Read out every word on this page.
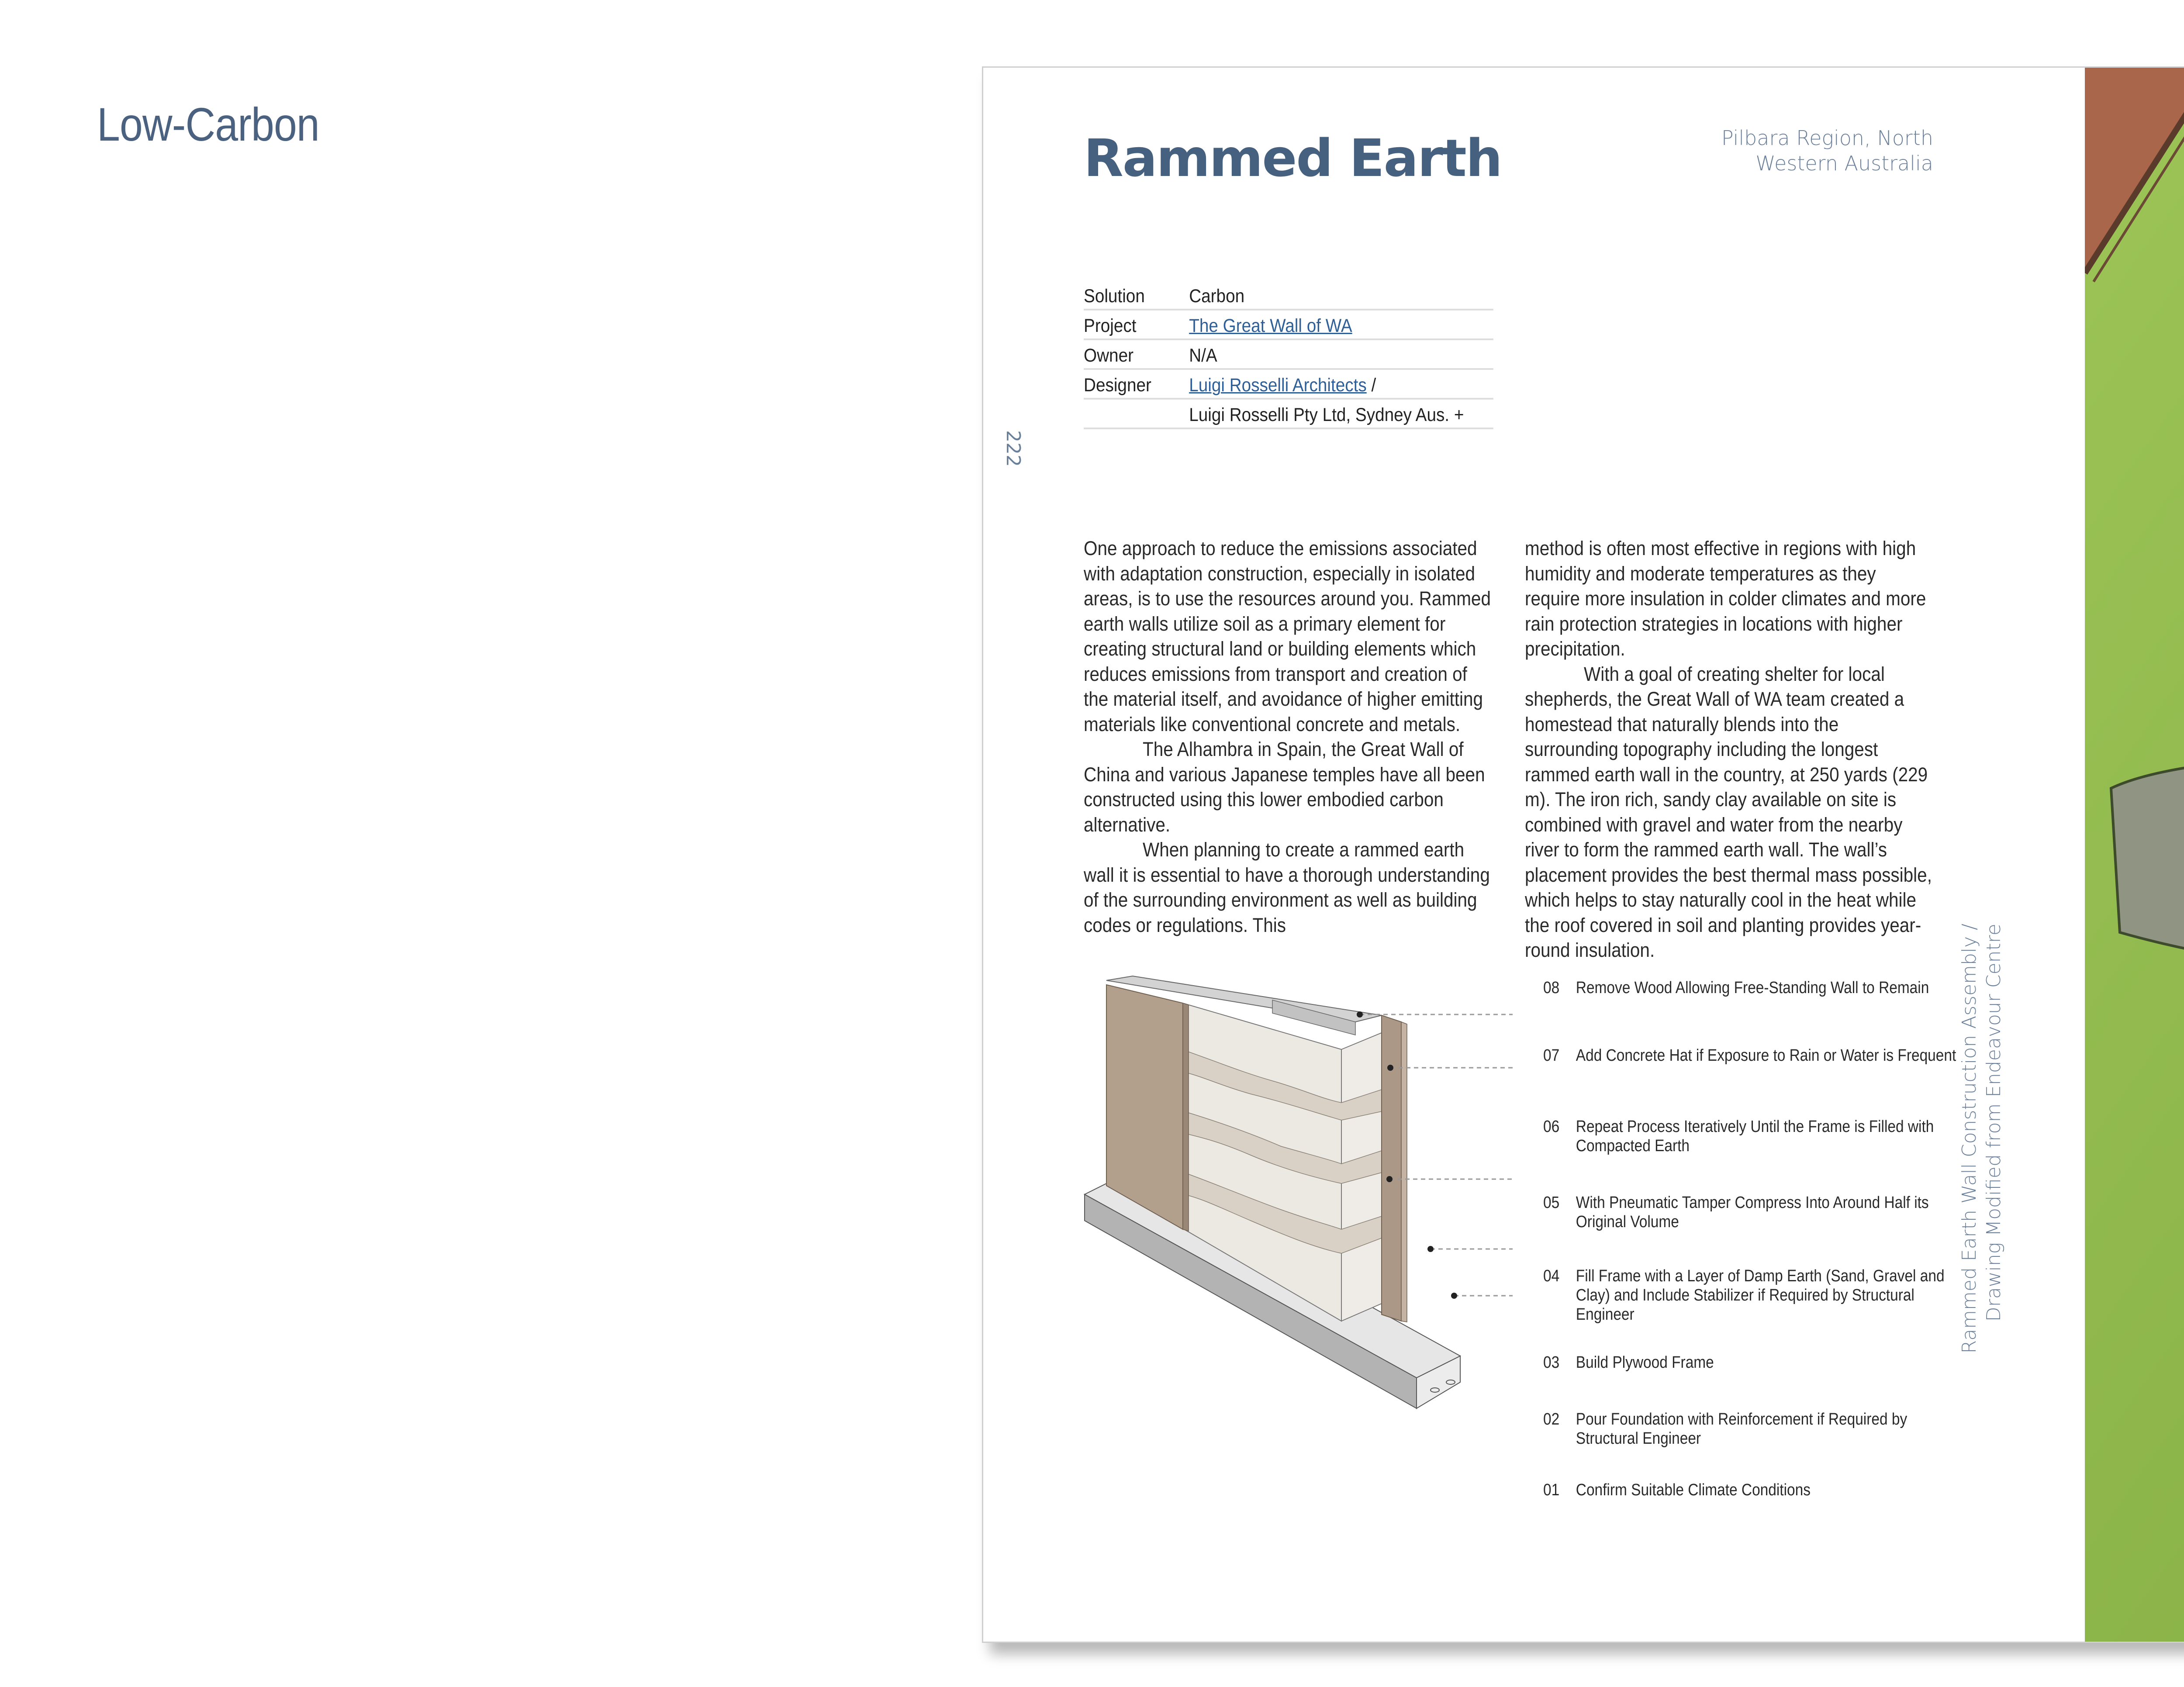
Low-Carbon
Rammed Earth	Pilbara Region, North
Western Australia
222
Solution	Carbon
Project	The Great Wall of WA
Owner	N/A
Designer	Luigi Rosselli Architects /
Luigi Rosselli Pty Ltd, Sydney Aus. +

One approach to reduce the emissions associated with adaptation construction, especially in isolated areas, is to use the resources around you. Rammed earth walls utilize soil as a primary element for creating structural land or building elements which reduces emissions from transport and creation of the material itself, and avoidance of higher emitting materials like conventional concrete and metals.

The Alhambra in Spain, the Great Wall of China and various Japanese temples have all been constructed using this lower embodied carbon alternative.

When planning to create a rammed earth wall it is essential to have a thorough understanding of the surrounding environment as well as building codes or regulations. This

method is often most effective in regions with high humidity and moderate temperatures as they require more insulation in colder climates and more rain protection strategies in locations with higher precipitation.

With a goal of creating shelter for local shepherds, the Great Wall of WA team created a homestead that naturally blends into the surrounding topography including the longest rammed earth wall in the country, at 250 yards (229 m). The iron rich, sandy clay available on site is combined with gravel and water from the nearby river to form the rammed earth wall. The wall’s placement provides the best thermal mass possible, which helps to stay naturally cool in the heat while the roof covered in soil and planting provides year-round insulation.

08 Remove Wood Allowing Free-Standing Wall to Remain
07 Add Concrete Hat if Exposure to Rain or Water is Frequent
06 Repeat Process Iteratively Until the Frame is Filled with Compacted Earth
05 With Pneumatic Tamper Compress Into Around Half its Original Volume
04 Fill Frame with a Layer of Damp Earth (Sand, Gravel and Clay) and Include Stabilizer if Required by Structural Engineer
03 Build Plywood Frame
02 Pour Foundation with Reinforcement if Required by Structural Engineer
01 Confirm Suitable Climate Conditions
Rammed Earth Wall Construction Assembly / Drawing Modified from Endeavour Centre
